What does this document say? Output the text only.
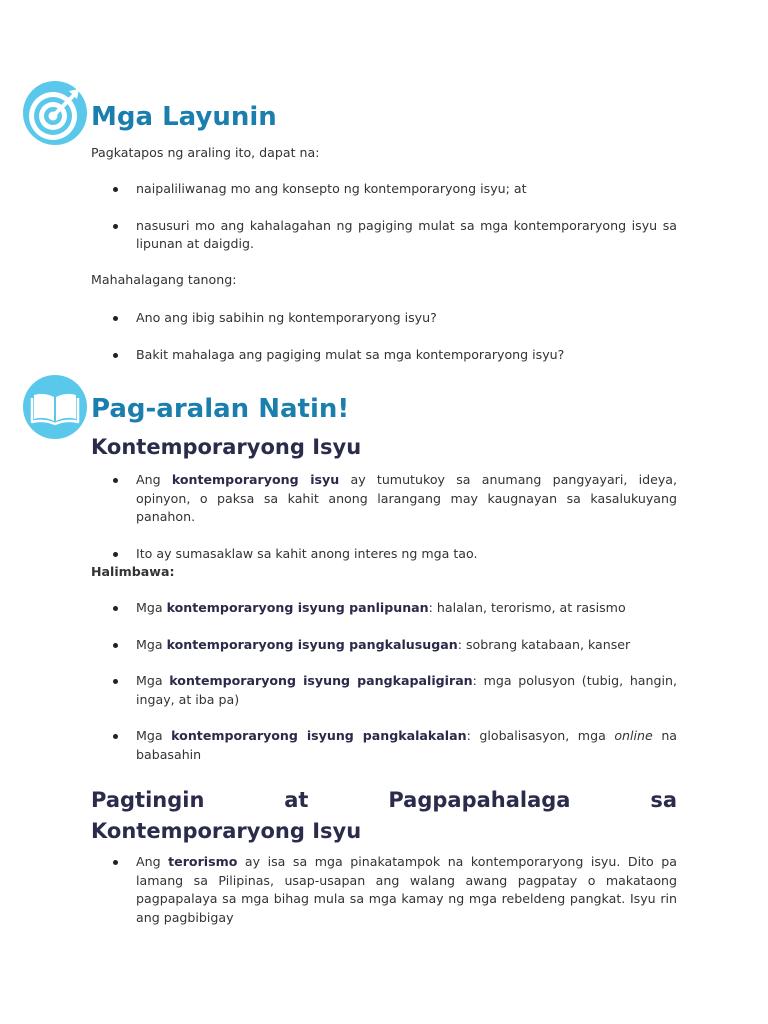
Mga Layunin

Pagkatapos ng araling ito, dapat na:

naipaliliwanag mo ang konsepto ng kontemporaryong isyu; at
nasusuri mo ang kahalagahan ng pagiging mulat sa mga kontemporaryong isyu sa lipunan at daigdig.

Mahahalagang tanong:

Ano ang ibig sabihin ng kontemporaryong isyu?
Bakit mahalaga ang pagiging mulat sa mga kontemporaryong isyu?
Pag-aralan Natin!
Kontemporaryong Isyu
Ang kontemporaryong isyu ay tumutukoy sa anumang pangyayari, ideya, opinyon, o paksa sa kahit anong larangang may kaugnayan sa kasalukuyang panahon.
Ito ay sumasaklaw sa kahit anong interes ng mga tao.

Halimbawa:

Mga kontemporaryong isyung panlipunan: halalan, terorismo, at rasismo
Mga kontemporaryong isyung pangkalusugan: sobrang katabaan, kanser
Mga kontemporaryong isyung pangkapaligiran: mga polusyon (tubig, hangin, ingay, at iba pa)
Mga kontemporaryong isyung pangkalakalan: globalisasyon, mga online na babasahin
Pagtingin at Pagpapahalaga sa Kontemporaryong Isyu
Ang terorismo ay isa sa mga pinakatampok na kontemporaryong isyu. Dito pa lamang sa Pilipinas, usap-usapan ang walang awang pagpatay o makataong pagpapalaya sa mga bihag mula sa mga kamay ng mga rebeldeng pangkat. Isyu rin ang pagbibigay
